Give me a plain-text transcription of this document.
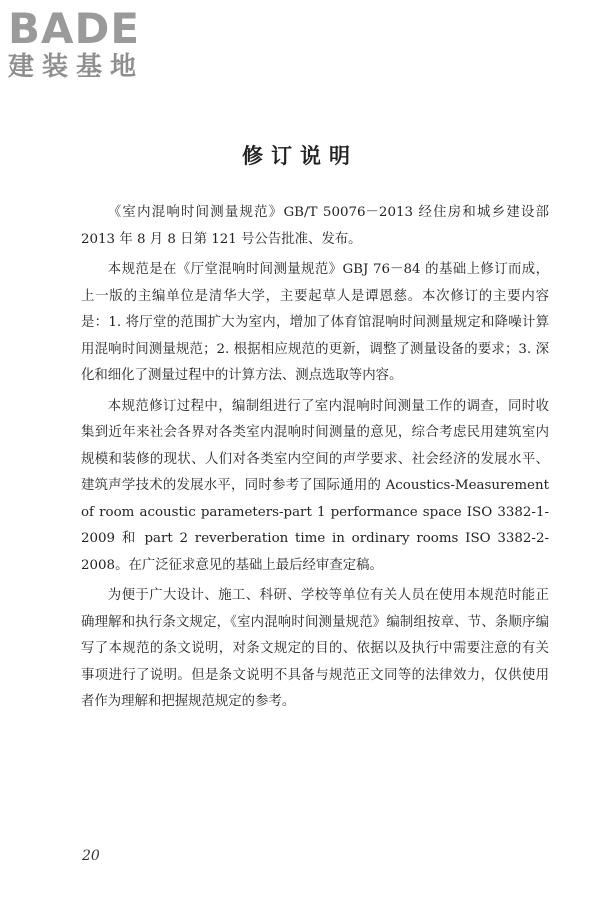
BADE
建装基地
修订说明

《室内混响时间测量规范》GB/T 50076－2013 经住房和城乡建设部 2013 年 8 月 8 日第 121 号公告批准、发布。

本规范是在《厅堂混响时间测量规范》GBJ 76－84 的基础上修订而成，上一版的主编单位是清华大学，主要起草人是谭恩慈。本次修订的主要内容是：1. 将厅堂的范围扩大为室内，增加了体育馆混响时间测量规定和降噪计算用混响时间测量规范；2. 根据相应规范的更新，调整了测量设备的要求；3. 深化和细化了测量过程中的计算方法、测点选取等内容。

本规范修订过程中，编制组进行了室内混响时间测量工作的调查，同时收集到近年来社会各界对各类室内混响时间测量的意见，综合考虑民用建筑室内规模和装修的现状、人们对各类室内空间的声学要求、社会经济的发展水平、建筑声学技术的发展水平，同时参考了国际通用的 Acoustics-Measurement of room acoustic parameters-part 1 performance space ISO 3382-1-2009 和 part 2 reverberation time in ordinary rooms ISO 3382-2-2008。在广泛征求意见的基础上最后经审查定稿。

为便于广大设计、施工、科研、学校等单位有关人员在使用本规范时能正确理解和执行条文规定，《室内混响时间测量规范》编制组按章、节、条顺序编写了本规范的条文说明，对条文规定的目的、依据以及执行中需要注意的有关事项进行了说明。但是条文说明不具备与规范正文同等的法律效力，仅供使用者作为理解和把握规范规定的参考。

20
